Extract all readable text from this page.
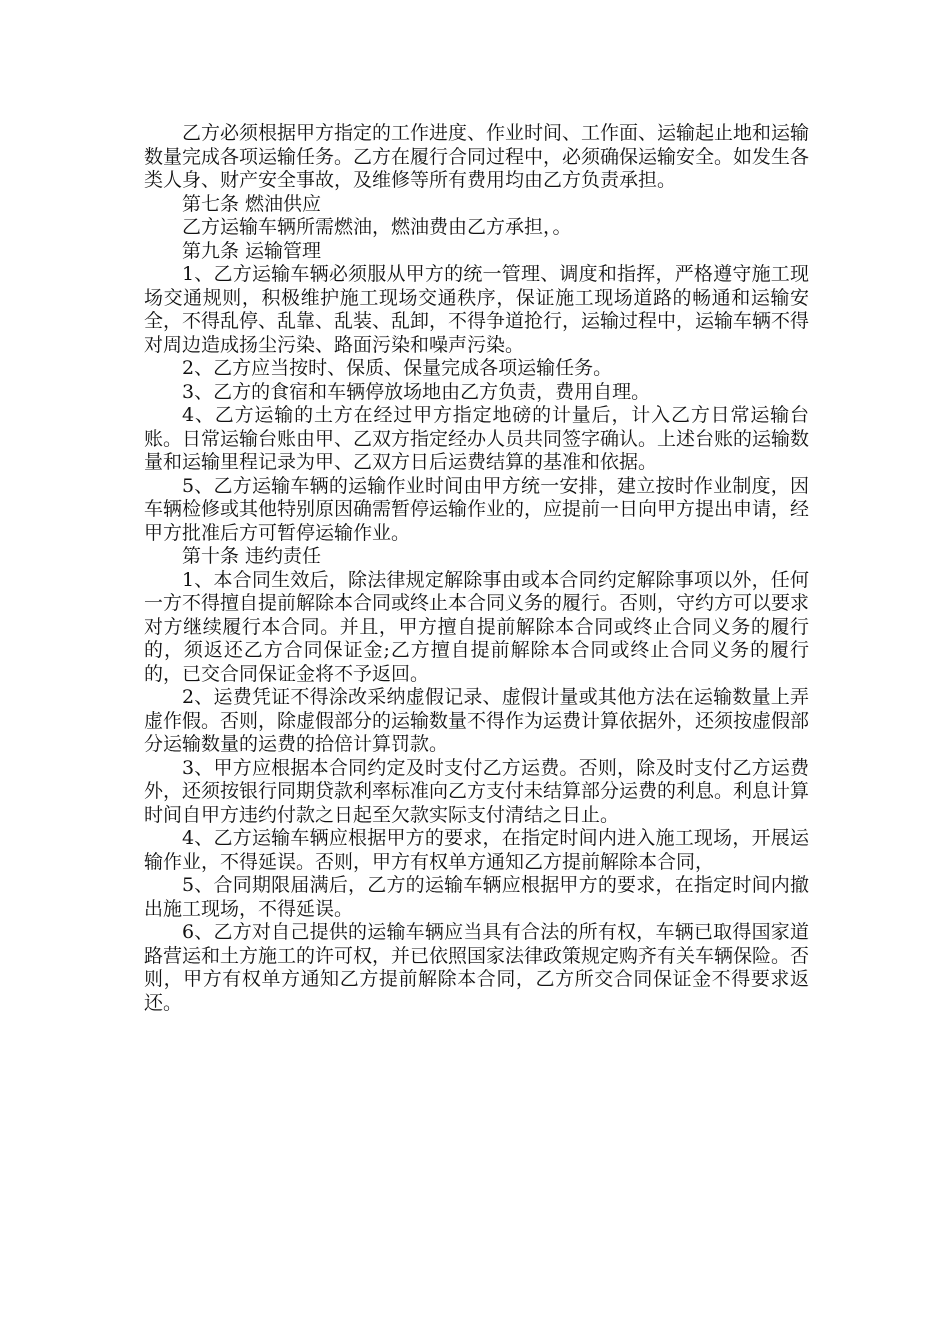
乙方必须根据甲方指定的工作进度、作业时间、工作面、运输起止地和运输数量完成各项运输任务。乙方在履行合同过程中，必须确保运输安全。如发生各类人身、财产安全事故，及维修等所有费用均由乙方负责承担。

第七条 燃油供应

乙方运输车辆所需燃油，燃油费由乙方承担，。

第九条 运输管理

1、乙方运输车辆必须服从甲方的统一管理、调度和指挥，严格遵守施工现场交通规则，积极维护施工现场交通秩序，保证施工现场道路的畅通和运输安全，不得乱停、乱靠、乱装、乱卸，不得争道抢行，运输过程中，运输车辆不得对周边造成扬尘污染、路面污染和噪声污染。

2、乙方应当按时、保质、保量完成各项运输任务。

3、乙方的食宿和车辆停放场地由乙方负责，费用自理。

4、乙方运输的土方在经过甲方指定地磅的计量后，计入乙方日常运输台账。日常运输台账由甲、乙双方指定经办人员共同签字确认。上述台账的运输数量和运输里程记录为甲、乙双方日后运费结算的基准和依据。

5、乙方运输车辆的运输作业时间由甲方统一安排，建立按时作业制度，因车辆检修或其他特别原因确需暂停运输作业的，应提前一日向甲方提出申请，经甲方批准后方可暂停运输作业。

第十条 违约责任

1、本合同生效后，除法律规定解除事由或本合同约定解除事项以外，任何一方不得擅自提前解除本合同或终止本合同义务的履行。否则，守约方可以要求对方继续履行本合同。并且，甲方擅自提前解除本合同或终止合同义务的履行的，须返还乙方合同保证金;乙方擅自提前解除本合同或终止合同义务的履行的，已交合同保证金将不予返回。

2、运费凭证不得涂改采纳虚假记录、虚假计量或其他方法在运输数量上弄虚作假。否则，除虚假部分的运输数量不得作为运费计算依据外，还须按虚假部分运输数量的运费的拾倍计算罚款。

3、甲方应根据本合同约定及时支付乙方运费。否则，除及时支付乙方运费外，还须按银行同期贷款利率标准向乙方支付未结算部分运费的利息。利息计算时间自甲方违约付款之日起至欠款实际支付清结之日止。

4、乙方运输车辆应根据甲方的要求，在指定时间内进入施工现场，开展运输作业，不得延误。否则，甲方有权单方通知乙方提前解除本合同，

5、合同期限届满后，乙方的运输车辆应根据甲方的要求，在指定时间内撤出施工现场，不得延误。

6、乙方对自己提供的运输车辆应当具有合法的所有权，车辆已取得国家道路营运和土方施工的许可权，并已依照国家法律政策规定购齐有关车辆保险。否则，甲方有权单方通知乙方提前解除本合同，乙方所交合同保证金不得要求返还。
